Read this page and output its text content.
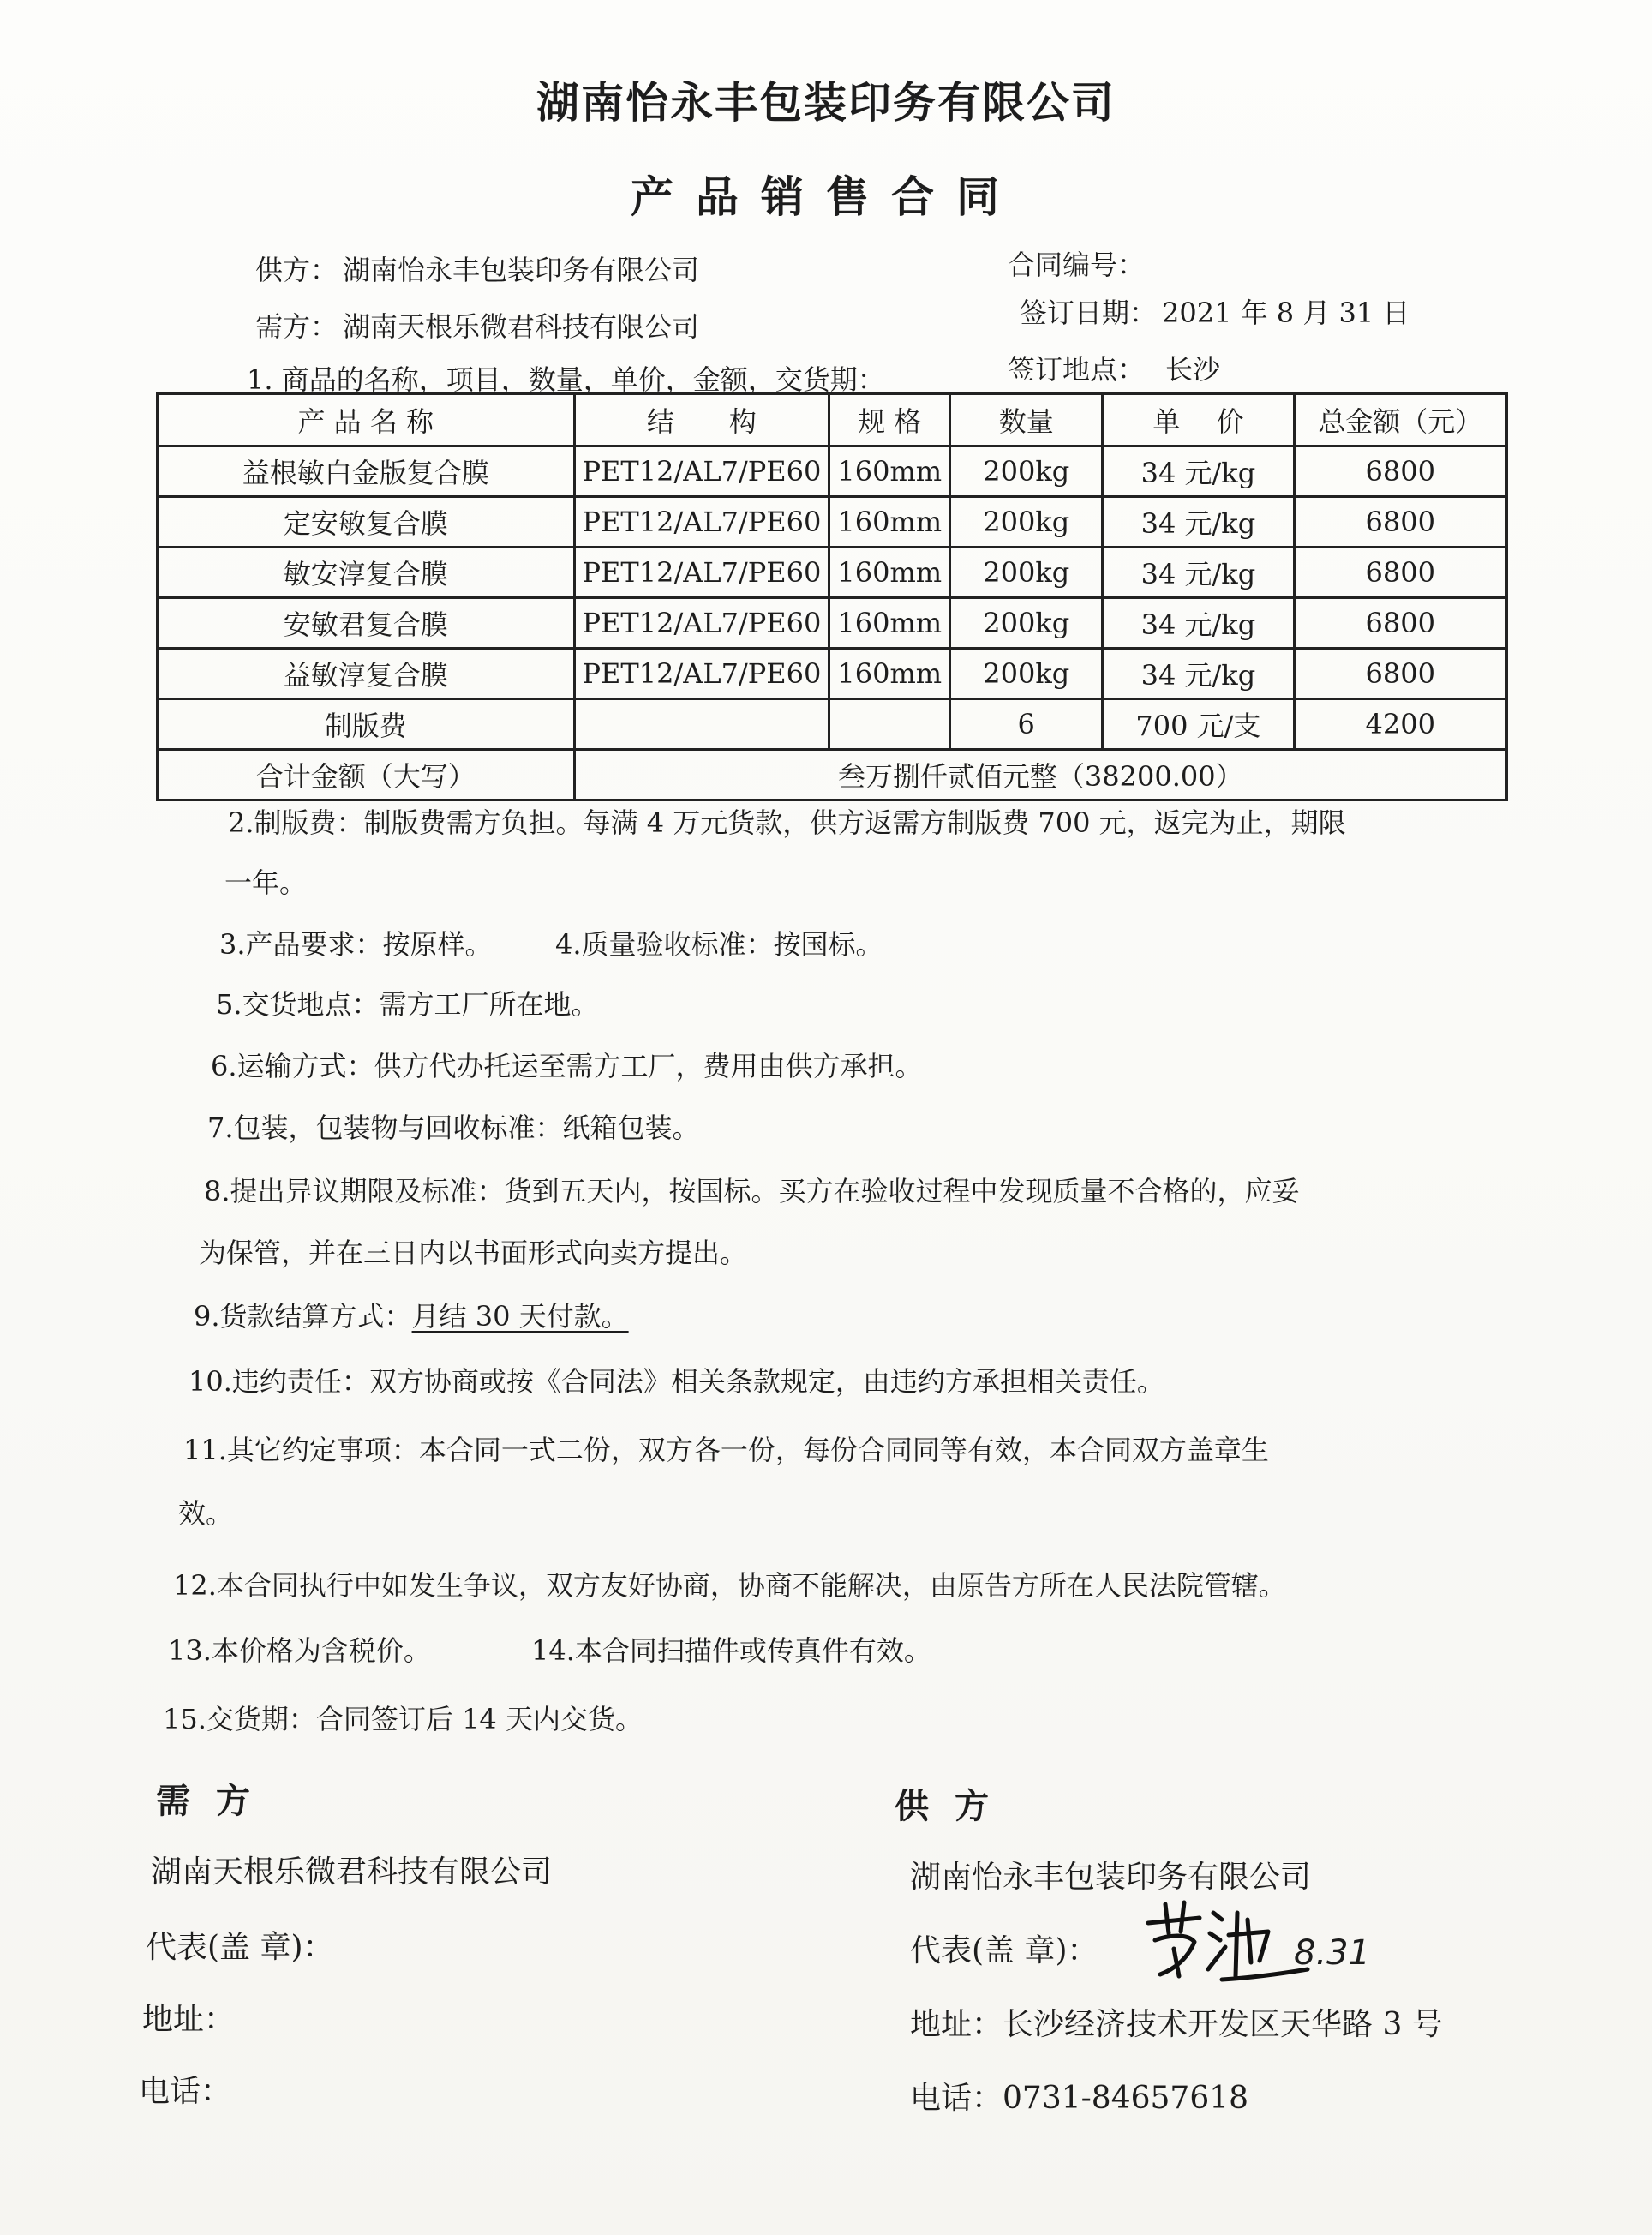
湖南怡永丰包装印务有限公司
产品销售合同
供方： 湖南怡永丰包装印务有限公司
需方： 湖南天根乐微君科技有限公司
合同编号：
签订日期： 2021 年 8 月 31 日
签订地点： 长沙
1. 商品的名称，项目，数量，单价，金额，交货期：
产 品 名 称	结　　构	规 格	数量	单　 价	总金额（元）
益根敏白金版复合膜	PET12/AL7/PE60	160mm	200kg	34 元/kg	6800
定安敏复合膜	PET12/AL7/PE60	160mm	200kg	34 元/kg	6800
敏安淳复合膜	PET12/AL7/PE60	160mm	200kg	34 元/kg	6800
安敏君复合膜	PET12/AL7/PE60	160mm	200kg	34 元/kg	6800
益敏淳复合膜	PET12/AL7/PE60	160mm	200kg	34 元/kg	6800
制版费			6	700 元/支	4200
合计金额（大写）	叁万捌仟贰佰元整（38200.00）				
2.制版费：制版费需方负担。每满 4 万元货款，供方返需方制版费 700 元，返完为止，期限
一年。
3.产品要求：按原样。 4.质量验收标准：按国标。
5.交货地点：需方工厂所在地。
6.运输方式：供方代办托运至需方工厂，费用由供方承担。
7.包装，包装物与回收标准：纸箱包装。
8.提出异议期限及标准：货到五天内，按国标。买方在验收过程中发现质量不合格的，应妥
为保管，并在三日内以书面形式向卖方提出。
9.货款结算方式：月结 30 天付款。
10.违约责任：双方协商或按《合同法》相关条款规定，由违约方承担相关责任。
11.其它约定事项：本合同一式二份，双方各一份，每份合同同等有效，本合同双方盖章生
效。
12.本合同执行中如发生争议，双方友好协商，协商不能解决，由原告方所在人民法院管辖。
13.本价格为含税价。	14.本合同扫描件或传真件有效。
15.交货期：合同签订后 14 天内交货。
需方
湖南天根乐微君科技有限公司
代表(盖 章)：
地址：
电话：
供方
湖南怡永丰包装印务有限公司
代表(盖 章)：	8.31
地址：长沙经济技术开发区天华路 3 号
电话：0731-84657618
